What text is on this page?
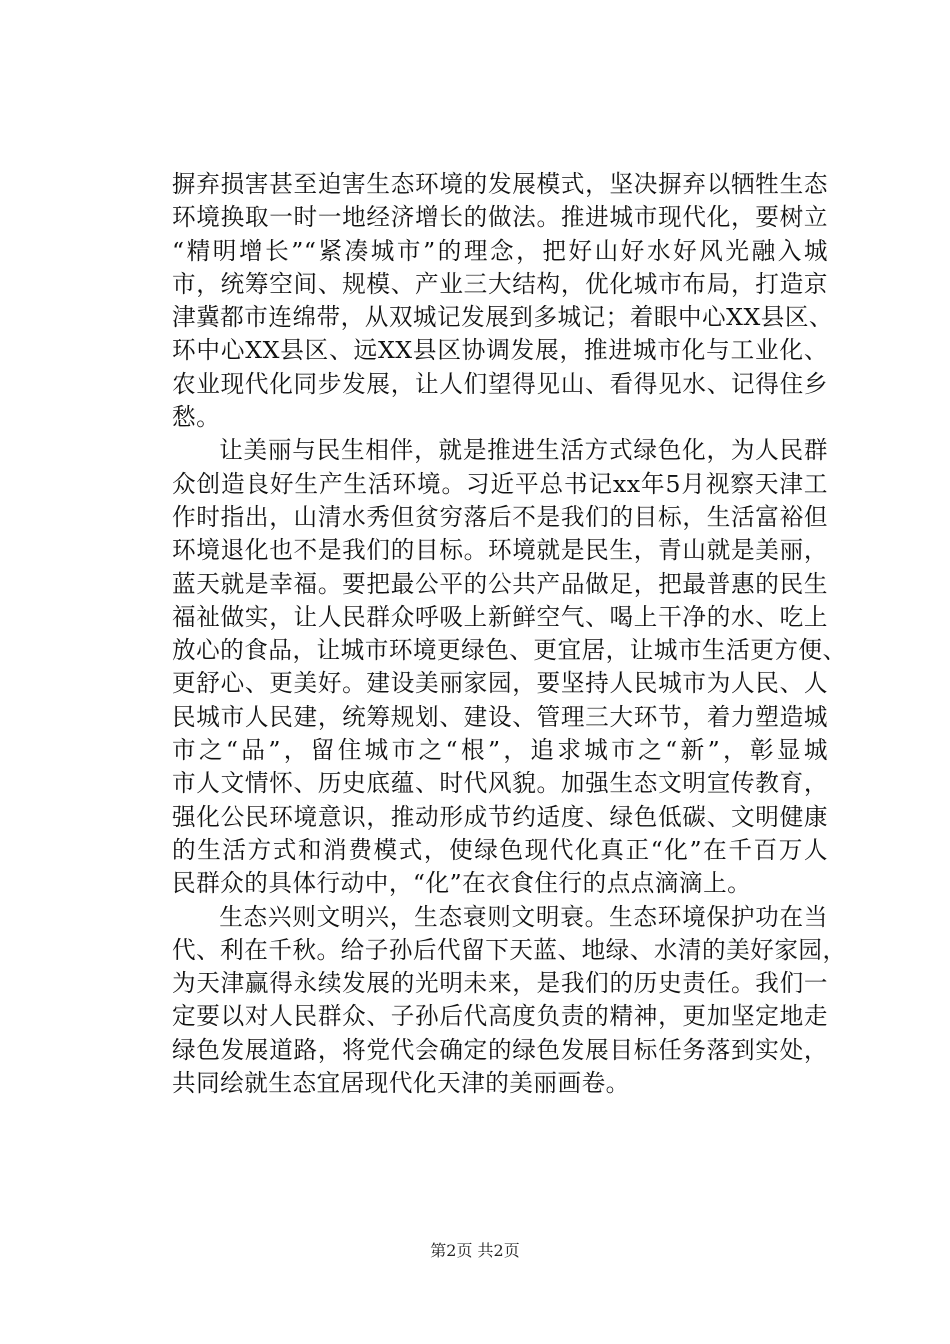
摒弃损害甚至迫害生态环境的发展模式，坚决摒弃以牺牲生态
环境换取一时一地经济增长的做法。推进城市现代化，要树立
“精明增长”“紧凑城市”的理念，把好山好水好风光融入城
市，统筹空间、规模、产业三大结构，优化城市布局，打造京
津冀都市连绵带，从双城记发展到多城记；着眼中心XX县区、
环中心XX县区、远XX县区协调发展，推进城市化与工业化、
农业现代化同步发展，让人们望得见山、看得见水、记得住乡
愁。

让美丽与民生相伴，就是推进生活方式绿色化，为人民群
众创造良好生产生活环境。习近平总书记xx年5月视察天津工
作时指出，山清水秀但贫穷落后不是我们的目标，生活富裕但
环境退化也不是我们的目标。环境就是民生，青山就是美丽，
蓝天就是幸福。要把最公平的公共产品做足，把最普惠的民生
福祉做实，让人民群众呼吸上新鲜空气、喝上干净的水、吃上
放心的食品，让城市环境更绿色、更宜居，让城市生活更方便、
更舒心、更美好。建设美丽家园，要坚持人民城市为人民、人
民城市人民建，统筹规划、建设、管理三大环节，着力塑造城
市之“品”，留住城市之“根”，追求城市之“新”，彰显城
市人文情怀、历史底蕴、时代风貌。加强生态文明宣传教育，
强化公民环境意识，推动形成节约适度、绿色低碳、文明健康
的生活方式和消费模式，使绿色现代化真正“化”在千百万人
民群众的具体行动中，“化”在衣食住行的点点滴滴上。

生态兴则文明兴，生态衰则文明衰。生态环境保护功在当
代、利在千秋。给子孙后代留下天蓝、地绿、水清的美好家园，
为天津赢得永续发展的光明未来，是我们的历史责任。我们一
定要以对人民群众、子孙后代高度负责的精神，更加坚定地走
绿色发展道路，将党代会确定的绿色发展目标任务落到实处，
共同绘就生态宜居现代化天津的美丽画卷。

第2页 共2页
